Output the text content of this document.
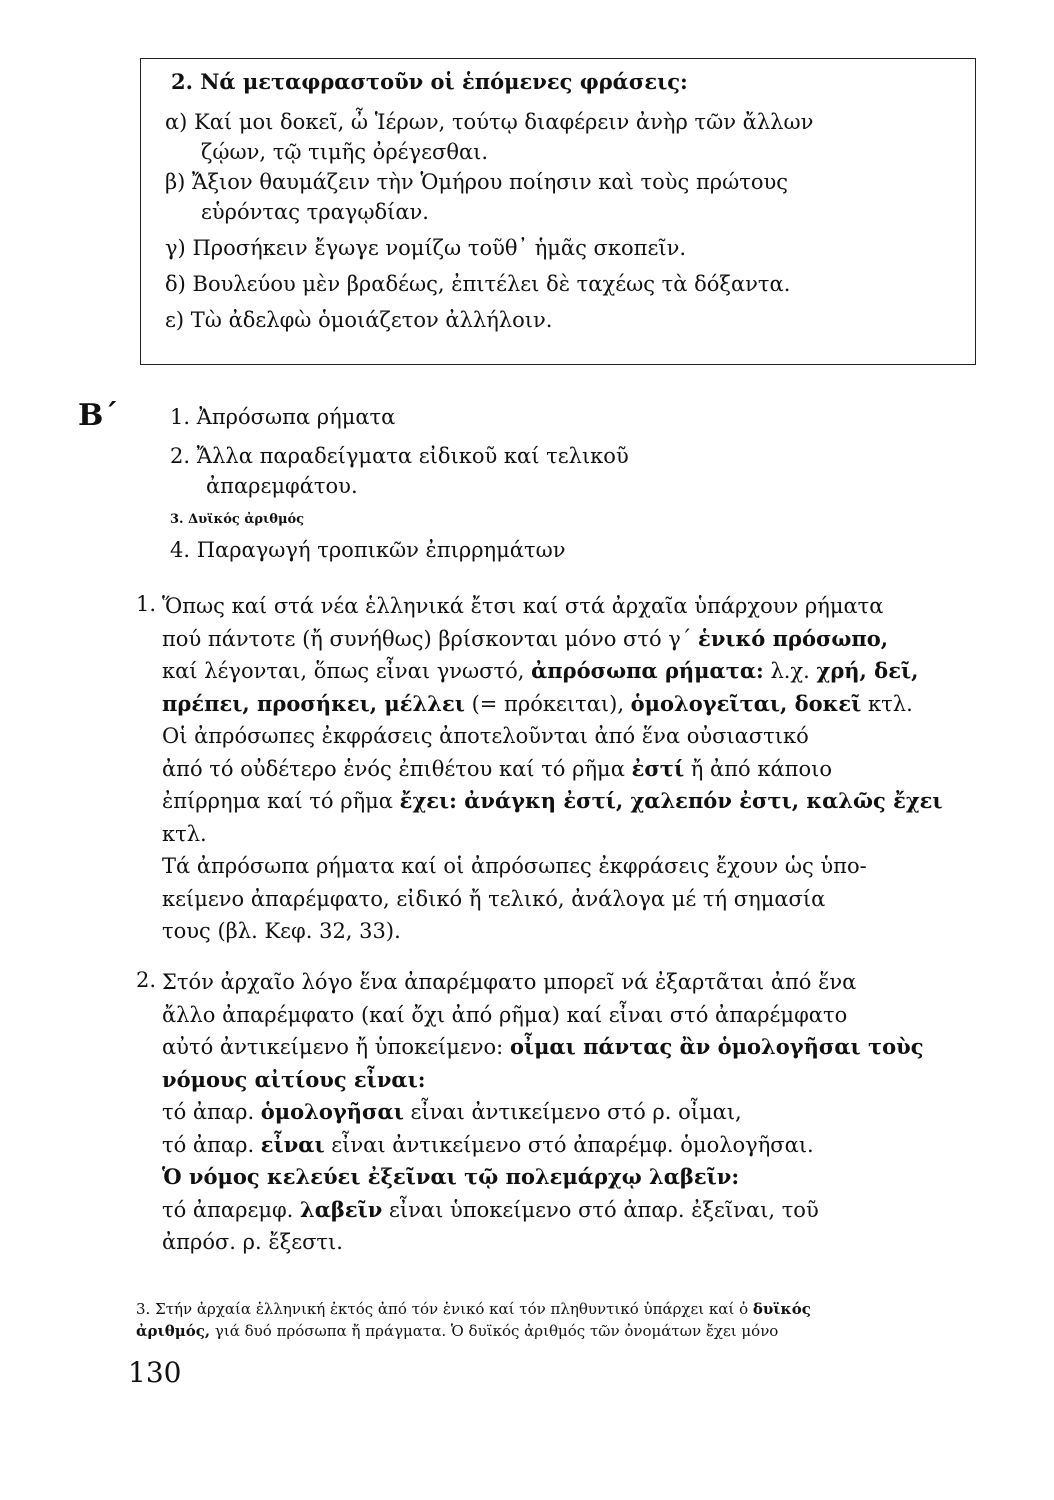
2. Νά μεταφραστοῦν οἱ ἑπόμενες φράσεις:
α) Καί μοι δοκεῖ, ὦ Ἱέρων, τούτῳ διαφέρειν ἀνὴρ τῶν ἄλλων
ζῴων, τῷ τιμῆς ὀρέγεσθαι.
β) Ἄξιον θαυμάζειν τὴν Ὁμήρου ποίησιν καὶ τοὺς πρώτους
εὑρόντας τραγῳδίαν.
γ) Προσήκειν ἔγωγε νομίζω τοῦθ᾽ ἡμᾶς σκοπεῖν.
δ) Βουλεύου μὲν βραδέως, ἐπιτέλει δὲ ταχέως τὰ δόξαντα.
ε) Τὼ ἀδελφὼ ὁμοιάζετον ἀλλήλοιν.
Β΄ 1. Ἀπρόσωπα ρήματα
2. Ἄλλα παραδείγματα εἰδικοῦ καί τελικοῦ
ἀπαρεμφάτου.
3. Δυϊκός ἀριθμός
4. Παραγωγή τροπικῶν ἐπιρρημάτων
1. Ὅπως καί στά νέα ἑλληνικά ἔτσι καί στά ἀρχαῖα ὑπάρχουν ρήματα
πού πάντοτε (ἤ συνήθως) βρίσκονται μόνο στό γ΄ ἑνικό πρόσωπο,
καί λέγονται, ὅπως εἶναι γνωστό, ἀπρόσωπα ρήματα: λ.χ. χρή, δεῖ,
πρέπει, προσήκει, μέλλει (= πρόκειται), ὁμολογεῖται, δοκεῖ κτλ.
Οἱ ἀπρόσωπες ἐκφράσεις ἀποτελοῦνται ἀπό ἕνα οὐσιαστικό
ἀπό τό οὐδέτερο ἑνός ἐπιθέτου καί τό ρῆμα ἐστί ἤ ἀπό κάποιο
ἐπίρρημα καί τό ρῆμα ἔχει: ἀνάγκη ἐστί, χαλεπόν ἐστι, καλῶς ἔχει
κτλ.
Τά ἀπρόσωπα ρήματα καί οἱ ἀπρόσωπες ἐκφράσεις ἔχουν ὡς ὑπο-
κείμενο ἀπαρέμφατο, εἰδικό ἤ τελικό, ἀνάλογα μέ τή σημασία
τους (βλ. Κεφ. 32, 33).
2. Στόν ἀρχαῖο λόγο ἕνα ἀπαρέμφατο μπορεῖ νά ἐξαρτᾶται ἀπό ἕνα
ἄλλο ἀπαρέμφατο (καί ὄχι ἀπό ρῆμα) καί εἶναι στό ἀπαρέμφατο
αὐτό ἀντικείμενο ἤ ὑποκείμενο: οἶμαι πάντας ἂν ὁμολογῆσαι τοὺς
νόμους αἰτίους εἶναι:
τό ἀπαρ. ὁμολογῆσαι εἶναι ἀντικείμενο στό ρ. οἶμαι,
τό ἀπαρ. εἶναι εἶναι ἀντικείμενο στό ἀπαρέμφ. ὁμολογῆσαι.
Ὁ νόμος κελεύει ἐξεῖναι τῷ πολεμάρχῳ λαβεῖν:
τό ἀπαρεμφ. λαβεῖν εἶναι ὑποκείμενο στό ἀπαρ. ἐξεῖναι, τοῦ
ἀπρόσ. ρ. ἔξεστι.
3. Στήν ἀρχαία ἑλληνική ἐκτός ἀπό τόν ἑνικό καί τόν πληθυντικό ὑπάρχει καί ὁ δυϊκός
ἀριθμός, γιά δυό πρόσωπα ἤ πράγματα. Ὁ δυϊκός ἀριθμός τῶν ὀνομάτων ἔχει μόνο
130
